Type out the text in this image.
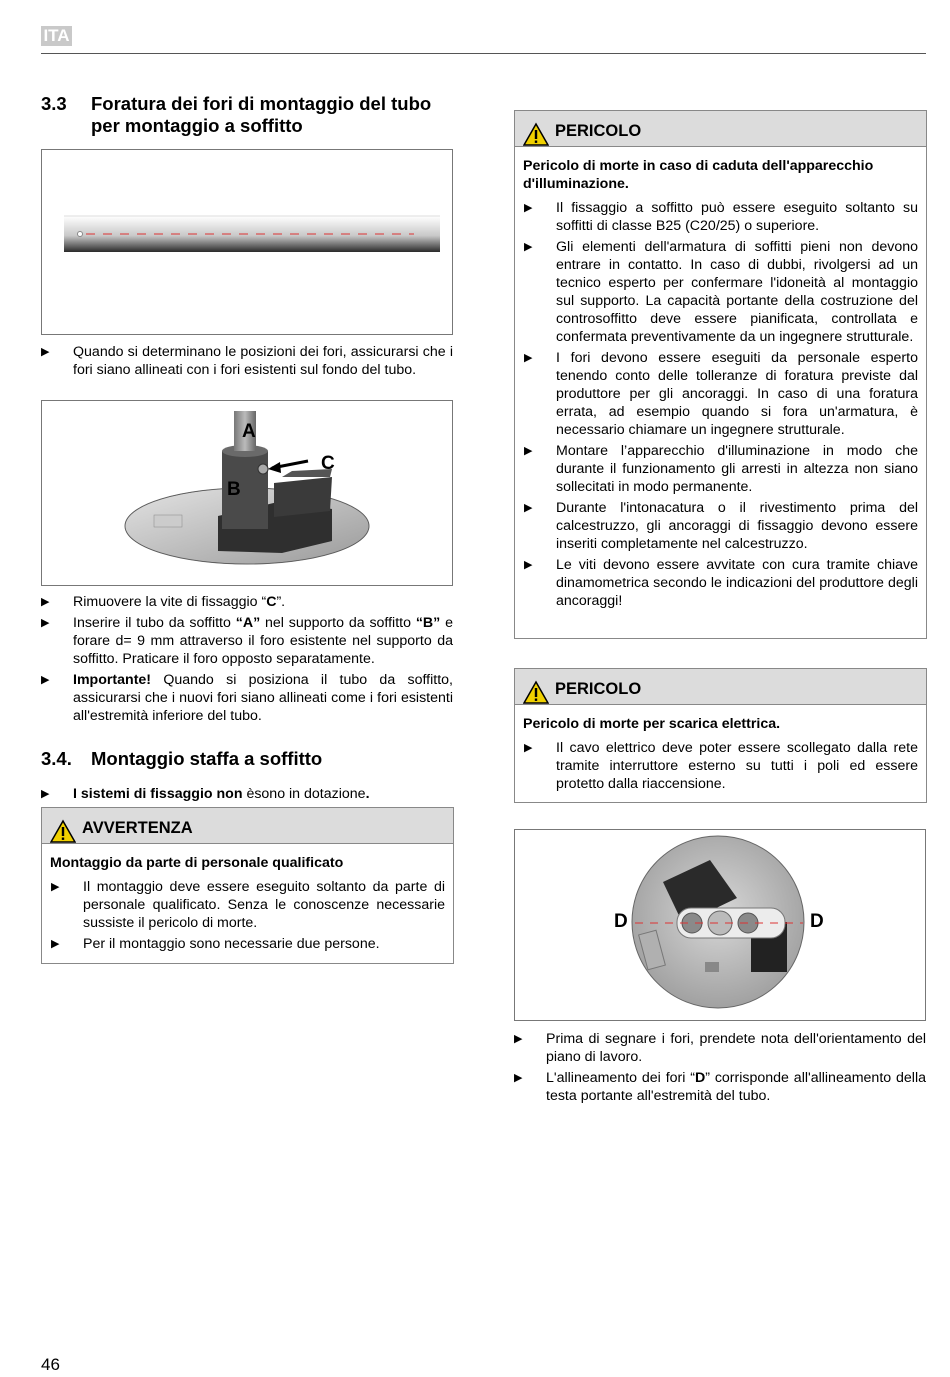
ITA
3.3 Foratura dei fori di montaggio del tubo
per montaggio a soffitto
▶ Quando si determinano le posizioni dei fori, assicurarsi che i fori siano allineati con i fori esistenti sul fondo del tubo.
A
B
C
▶ Rimuovere la vite di fissaggio “C”.
▶ Inserire il tubo da soffitto “A” nel supporto da soffitto “B” e forare d= 9 mm attraverso il foro esistente nel supporto da soffitto. Praticare il foro opposto separatamente.
▶ Importante! Quando si posiziona il tubo da soffitto, assicurarsi che i nuovi fori siano allineati come i fori esistenti all'estremità inferiore del tubo.
3.4. Montaggio staffa a soffitto
▶ I sistemi di fissaggio non èsono in dotazione.
AVVERTENZA
Montaggio da parte di personale qualificato
▶ Il montaggio deve essere eseguito soltanto da parte di personale qualificato. Senza le conoscenze necessarie sussiste il pericolo di morte.
▶ Per il montaggio sono necessarie due persone.
PERICOLO
Pericolo di morte in caso di caduta dell'apparecchio d'illuminazione.
▶ Il fissaggio a soffitto può essere eseguito soltanto su soffitti di classe B25 (C20/25) o superiore.
▶ Gli elementi dell'armatura di soffitti pieni non devono entrare in contatto. In caso di dubbi, rivolgersi ad un tecnico esperto per confermare l'idoneità al montaggio sul supporto. La capacità portante della costruzione del controsoffitto deve essere pianificata, controllata e confermata preventivamente da un ingegnere strutturale.
▶ I fori devono essere eseguiti da personale esperto tenendo conto delle tolleranze di foratura previste dal produttore per gli ancoraggi. In caso di una foratura errata, ad esempio quando si fora un'armatura, è necessario chiamare un ingegnere strutturale.
▶ Montare l’apparecchio d'illuminazione in modo che durante il funzionamento gli arresti in altezza non siano sollecitati in modo permanente.
▶ Durante l'intonacatura o il rivestimento prima del calcestruzzo, gli ancoraggi di fissaggio devono essere inseriti completamente nel calcestruzzo.
▶ Le viti devono essere avvitate con cura tramite chiave dinamometrica secondo le indicazioni del produttore degli ancoraggi!
PERICOLO
Pericolo di morte per scarica elettrica.
▶ Il cavo elettrico deve poter essere scollegato dalla rete tramite interruttore esterno su tutti i poli ed essere protetto dalla riaccensione.
D	D
▶ Prima di segnare i fori, prendete nota dell'orientamento del piano di lavoro.
▶ L'allineamento dei fori “D” corrisponde all'allineamento della testa portante all'estremità del tubo.
46
